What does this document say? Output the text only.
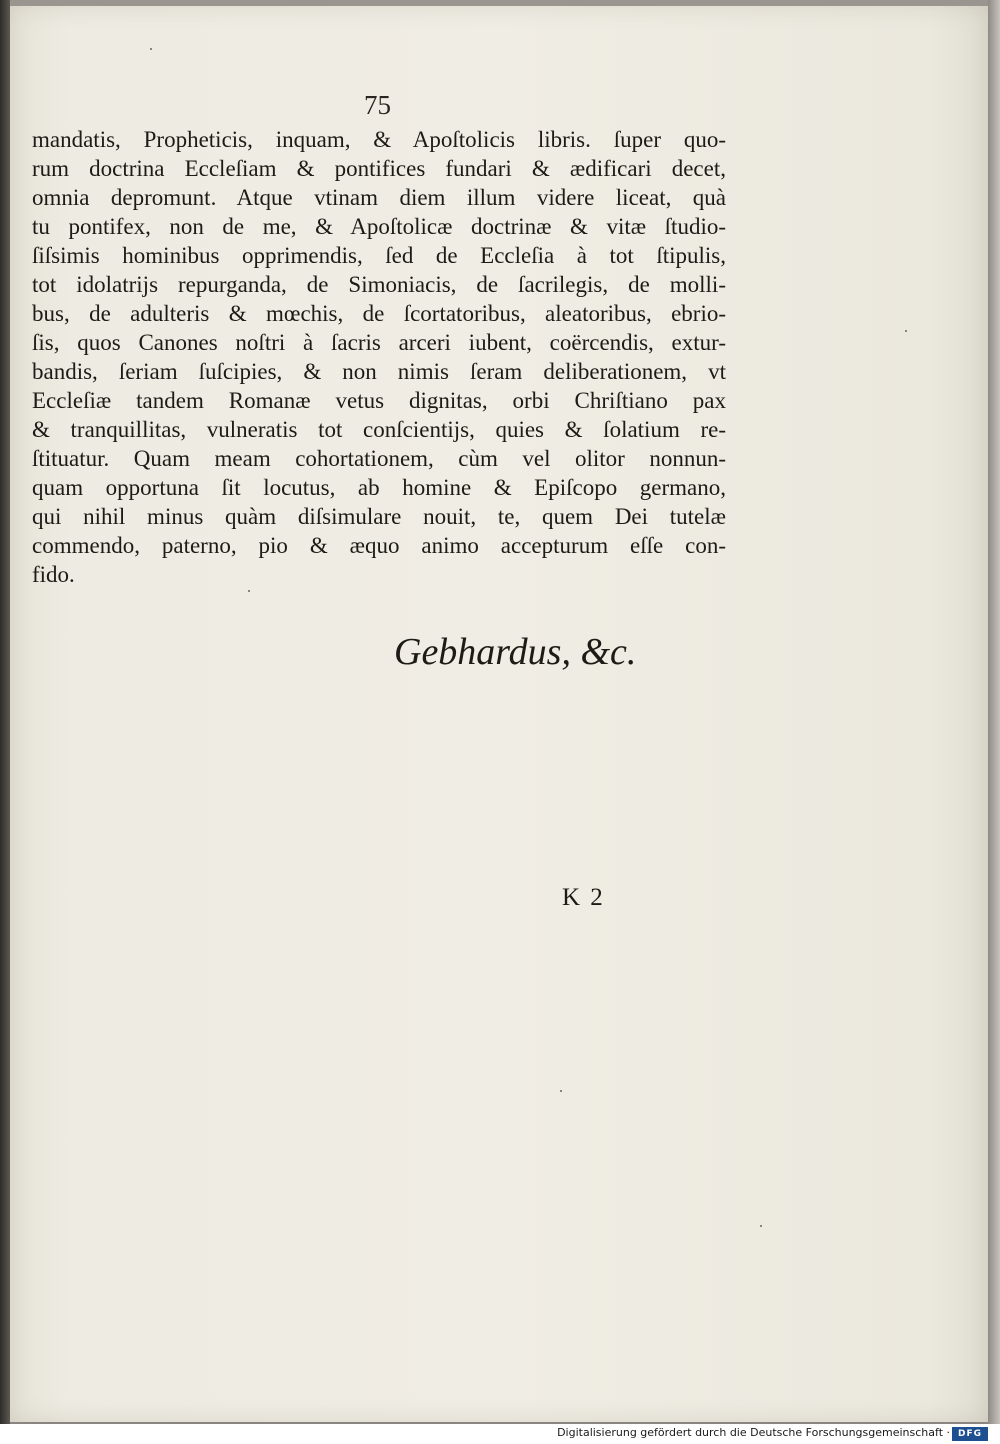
75
mandatis, Propheticis, inquam, & Apoſtolicis libris. ſuper quo-
rum doctrina Eccleſiam & pontifices fundari & ædificari decet,
omnia depromunt. Atque vtinam diem illum videre liceat, quà
tu pontifex, non de me, & Apoſtolicæ doctrinæ & vitæ ſtudio-
ſiſsimis hominibus opprimendis, ſed de Eccleſia à tot ſtipulis,
tot idolatrijs repurganda, de Simoniacis, de ſacrilegis, de molli-
bus, de adulteris & mœchis, de ſcortatoribus, aleatoribus, ebrio-
ſis, quos Canones noſtri à ſacris arceri iubent, coërcendis, extur-
bandis, ſeriam ſuſcipies, & non nimis ſeram deliberationem, vt
Eccleſiæ tandem Romanæ vetus dignitas, orbi Chriſtiano pax
& tranquillitas, vulneratis tot conſcientijs, quies & ſolatium re-
ſtituatur. Quam meam cohortationem, cùm vel olitor nonnun-
quam opportuna ſit locutus, ab homine & Epiſcopo germano,
qui nihil minus quàm diſsimulare nouit, te, quem Dei tutelæ
commendo, paterno, pio & æquo animo accepturum eſſe con-
fido.
Gebhardus, &c.
K 2
Digitalisierung gefördert durch die Deutsche Forschungsgemeinschaft · DFG
